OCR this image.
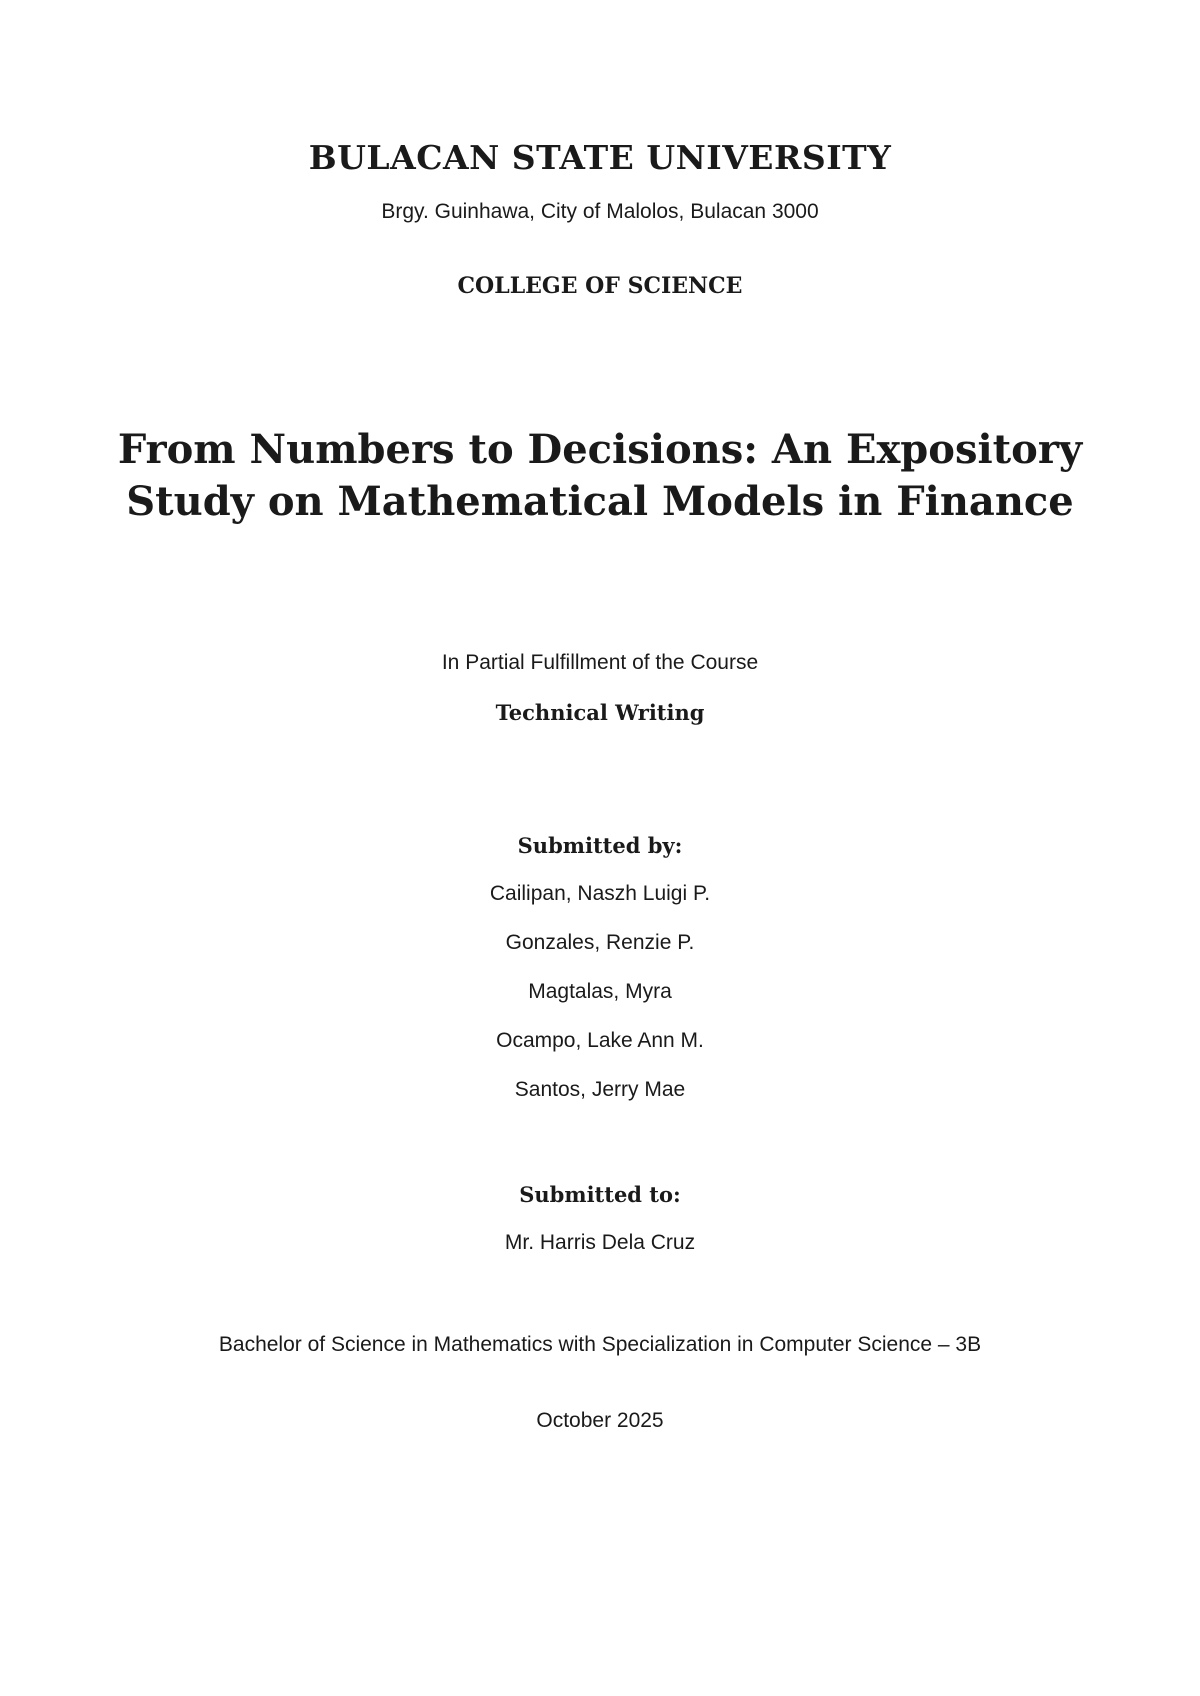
BULACAN STATE UNIVERSITY
Brgy. Guinhawa, City of Malolos, Bulacan 3000
COLLEGE OF SCIENCE
From Numbers to Decisions: An Expository
Study on Mathematical Models in Finance
In Partial Fulfillment of the Course
Technical Writing
Submitted by:
Cailipan, Naszh Luigi P.
Gonzales, Renzie P.
Magtalas, Myra
Ocampo, Lake Ann M.
Santos, Jerry Mae
Submitted to:
Mr. Harris Dela Cruz
Bachelor of Science in Mathematics with Specialization in Computer Science – 3B
October 2025
